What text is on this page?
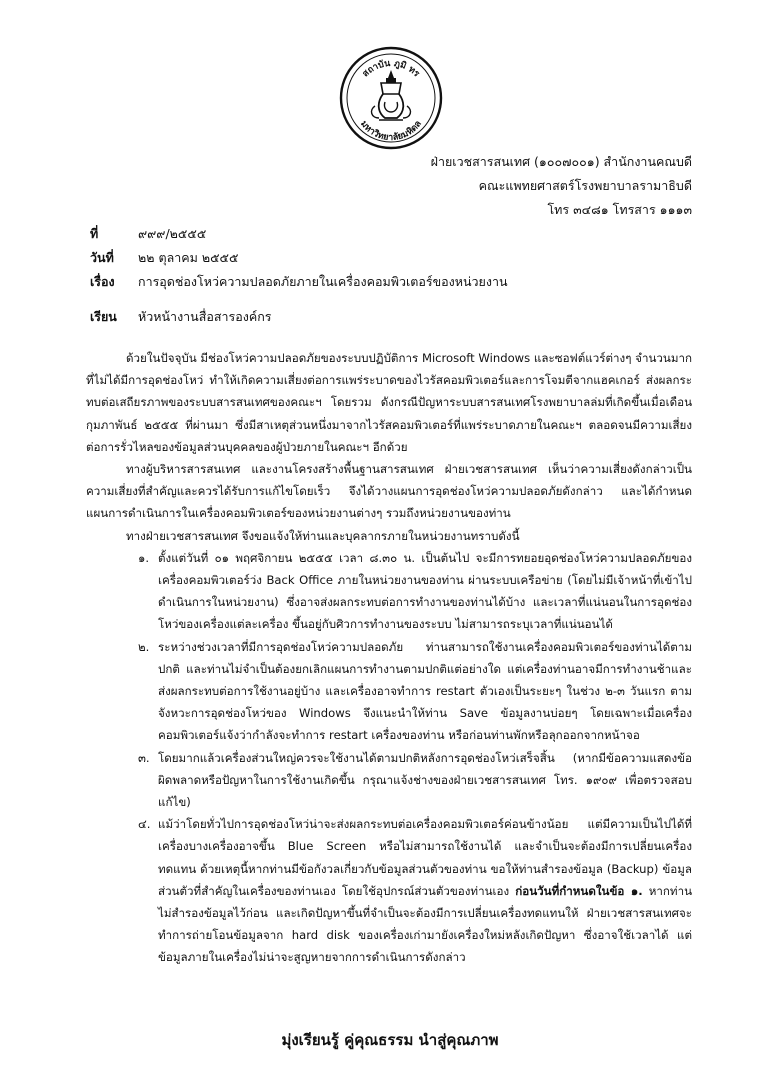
สถาบัน ภูมิ ทร
มหาวิทยาลัยมหิดล
ฝ่ายเวชสารสนเทศ (๑๐๐๗๐๐๑) สำนักงานคณบดี
คณะแพทยศาสตร์โรงพยาบาลรามาธิบดี
โทร ๓๔๘๑ โทรสาร ๑๑๑๓
ที่	๙๙๙/๒๕๕๕
วันที่ ๒๒ ตุลาคม ๒๕๕๕
เรื่อง การอุดช่องโหว่ความปลอดภัยภายในเครื่องคอมพิวเตอร์ของหน่วยงาน
เรียน หัวหน้างานสื่อสารองค์กร

ด้วยในปัจจุบัน มีช่องโหว่ความปลอดภัยของระบบปฏิบัติการ Microsoft Windows และซอฟต์แวร์ต่างๆ จำนวนมากที่ไม่ได้มีการอุดช่องโหว่ ทำให้เกิดความเสี่ยงต่อการแพร่ระบาดของไวรัสคอมพิวเตอร์และการโจมตีจากแฮคเกอร์ ส่งผลกระทบต่อเสถียรภาพของระบบสารสนเทศของคณะฯ โดยรวม ดังกรณีปัญหาระบบสารสนเทศโรงพยาบาลล่มที่เกิดขึ้นเมื่อเดือนกุมภาพันธ์ ๒๕๕๕ ที่ผ่านมา ซึ่งมีสาเหตุส่วนหนึ่งมาจากไวรัสคอมพิวเตอร์ที่แพร่ระบาดภายในคณะฯ ตลอดจนมีความเสี่ยงต่อการรั่วไหลของข้อมูลส่วนบุคคลของผู้ป่วยภายในคณะฯ อีกด้วย

ทางผู้บริหารสารสนเทศ และงานโครงสร้างพื้นฐานสารสนเทศ ฝ่ายเวชสารสนเทศ เห็นว่าความเสี่ยงดังกล่าวเป็นความเสี่ยงที่สำคัญและควรได้รับการแก้ไขโดยเร็ว จึงได้วางแผนการอุดช่องโหว่ความปลอดภัยดังกล่าว และได้กำหนดแผนการดำเนินการในเครื่องคอมพิวเตอร์ของหน่วยงานต่างๆ รวมถึงหน่วยงานของท่าน

ทางฝ่ายเวชสารสนเทศ จึงขอแจ้งให้ท่านและบุคลากรภายในหน่วยงานทราบดังนี้

๑. ตั้งแต่วันที่ ๐๑ พฤศจิกายน ๒๕๕๕ เวลา ๘.๓๐ น. เป็นต้นไป จะมีการทยอยอุดช่องโหว่ความปลอดภัยของเครื่องคอมพิวเตอร์ว่ง Back Office ภายในหน่วยงานของท่าน ผ่านระบบเครือข่าย (โดยไม่มีเจ้าหน้าที่เข้าไปดำเนินการในหน่วยงาน) ซึ่งอาจส่งผลกระทบต่อการทำงานของท่านได้บ้าง และเวลาที่แน่นอนในการอุดช่องโหว่ของเครื่องแต่ละเครื่อง ขึ้นอยู่กับศิวการทำงานของระบบ ไม่สามารถระบุเวลาที่แน่นอนได้
๒. ระหว่างช่วงเวลาที่มีการอุดช่องโหว่ความปลอดภัย ท่านสามารถใช้งานเครื่องคอมพิวเตอร์ของท่านได้ตามปกติ และท่านไม่จำเป็นต้องยกเลิกแผนการทำงานตามปกติแต่อย่างใด แต่เครื่องท่านอาจมีการทำงานช้าและส่งผลกระทบต่อการใช้งานอยู่บ้าง และเครื่องอาจทำการ restart ตัวเองเป็นระยะๆ ในช่วง ๒-๓ วันแรก ตามจังหวะการอุดช่องโหว่ของ Windows จึงแนะนำให้ท่าน Save ข้อมูลงานบ่อยๆ โดยเฉพาะเมื่อเครื่องคอมพิวเตอร์แจ้งว่ากำลังจะทำการ restart เครื่องของท่าน หรือก่อนท่านพักหรือลุกออกจากหน้าจอ
๓. โดยมากแล้วเครื่องส่วนใหญ่ควรจะใช้งานได้ตามปกติหลังการอุดช่องโหว่เสร็จสิ้น (หากมีข้อความแสดงข้อผิดพลาดหรือปัญหาในการใช้งานเกิดขึ้น กรุณาแจ้งช่างของฝ่ายเวชสารสนเทศ โทร. ๑๙๐๙ เพื่อตรวจสอบแก้ไข)
๔. แม้ว่าโดยทั่วไปการอุดช่องโหว่น่าจะส่งผลกระทบต่อเครื่องคอมพิวเตอร์ค่อนข้างน้อย แต่มีความเป็นไปได้ที่เครื่องบางเครื่องอาจขึ้น Blue Screen หรือไม่สามารถใช้งานได้ และจำเป็นจะต้องมีการเปลี่ยนเครื่องทดแทน ด้วยเหตุนี้หากท่านมีข้อกังวลเกี่ยวกับข้อมูลส่วนตัวของท่าน ขอให้ท่านสำรองข้อมูล (Backup) ข้อมูลส่วนตัวที่สำคัญในเครื่องของท่านเอง โดยใช้อุปกรณ์ส่วนตัวของท่านเอง ก่อนวันที่กำหนดในข้อ ๑. หากท่านไม่สำรองข้อมูลไว้ก่อน และเกิดปัญหาขึ้นที่จำเป็นจะต้องมีการเปลี่ยนเครื่องทดแทนให้ ฝ่ายเวชสารสนเทศจะทำการถ่ายโอนข้อมูลจาก hard disk ของเครื่องเก่ามายังเครื่องใหม่หลังเกิดปัญหา ซึ่งอาจใช้เวลาได้ แต่ข้อมูลภายในเครื่องไม่น่าจะสูญหายจากการดำเนินการดังกล่าว
มุ่งเรียนรู้ คู่คุณธรรม นำสู่คุณภาพ
